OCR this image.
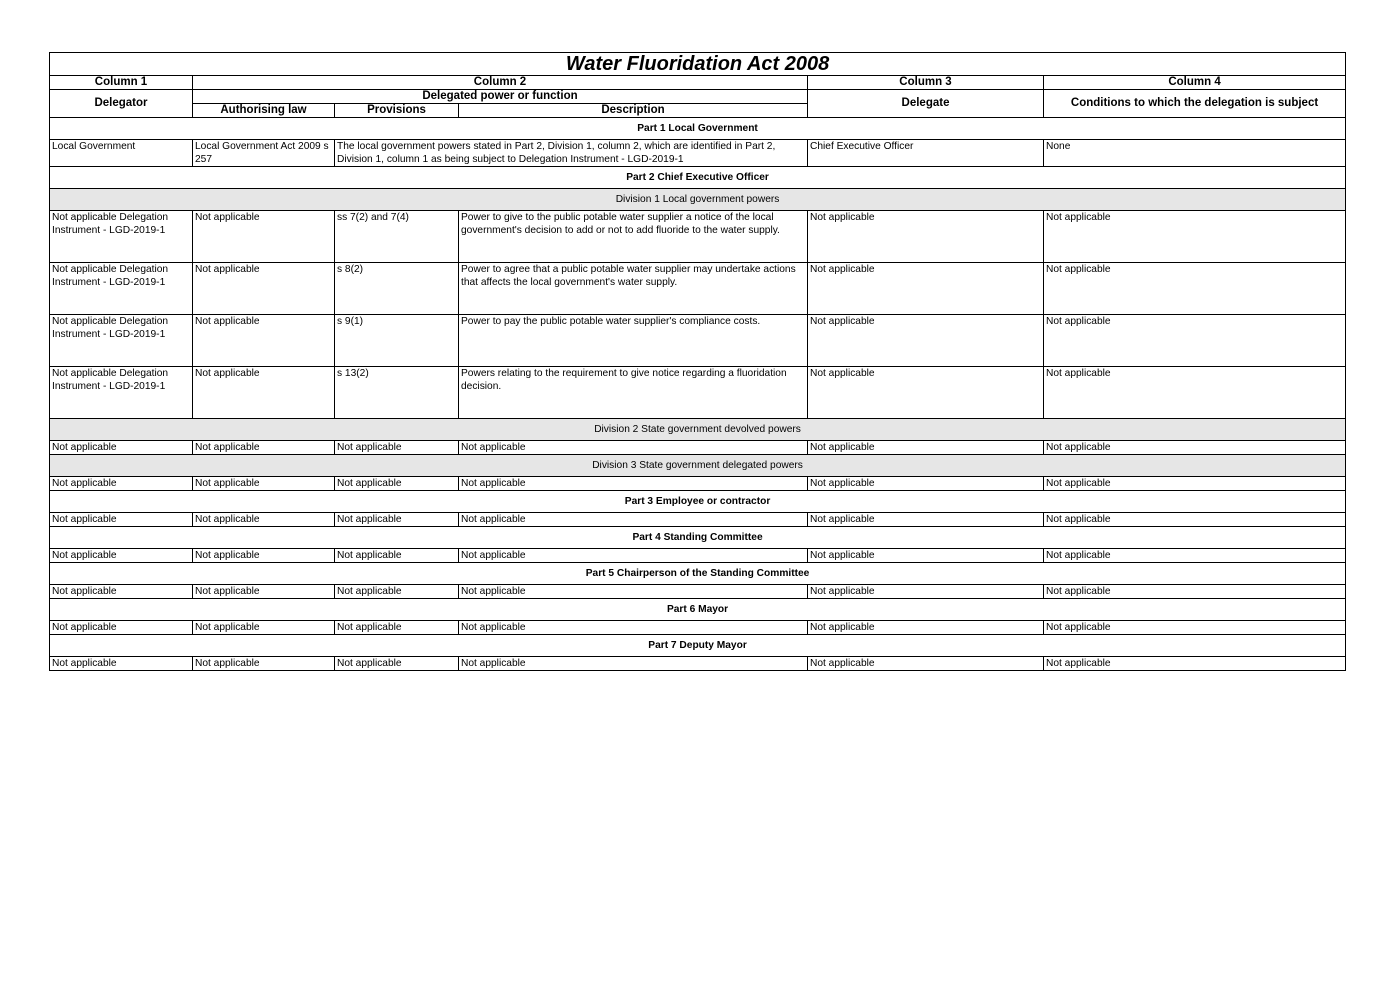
Water Fluoridation Act 2008					
Column 1	Column 2			Column 3	Column 4
Delegator	Delegated power or function			Delegate	Conditions to which the delegation is subject
	Authorising law	Provisions	Description		
Part 1 Local Government					
Local Government	Local Government Act 2009 s 257	The local government powers stated in Part 2, Division 1, column 2, which are identified in Part 2, Division 1, column 1 as being subject to Delegation Instrument - LGD-2019-1		Chief Executive Officer	None
Part 2 Chief Executive Officer					
Division 1 Local government powers					
Not applicable Delegation Instrument - LGD-2019-1	Not applicable	ss 7(2) and 7(4)	Power to give to the public potable water supplier a notice of the local government's decision to add or not to add fluoride to the water supply.	Not applicable	Not applicable
Not applicable Delegation Instrument - LGD-2019-1	Not applicable	s 8(2)	Power to agree that a public potable water supplier may undertake actions that affects the local government's water supply.	Not applicable	Not applicable
Not applicable Delegation Instrument - LGD-2019-1	Not applicable	s 9(1)	Power to pay the public potable water supplier's compliance costs.	Not applicable	Not applicable
Not applicable Delegation Instrument - LGD-2019-1	Not applicable	s 13(2)	Powers relating to the requirement to give notice regarding a fluoridation decision.	Not applicable	Not applicable
Division 2 State government devolved powers					
Not applicable	Not applicable	Not applicable	Not applicable	Not applicable	Not applicable
Division 3 State government delegated powers					
Not applicable	Not applicable	Not applicable	Not applicable	Not applicable	Not applicable
Part 3 Employee or contractor					
Not applicable	Not applicable	Not applicable	Not applicable	Not applicable	Not applicable
Part 4 Standing Committee					
Not applicable	Not applicable	Not applicable	Not applicable	Not applicable	Not applicable
Part 5 Chairperson of the Standing Committee					
Not applicable	Not applicable	Not applicable	Not applicable	Not applicable	Not applicable
Part 6 Mayor					
Not applicable	Not applicable	Not applicable	Not applicable	Not applicable	Not applicable
Part 7 Deputy Mayor					
Not applicable	Not applicable	Not applicable	Not applicable	Not applicable	Not applicable
